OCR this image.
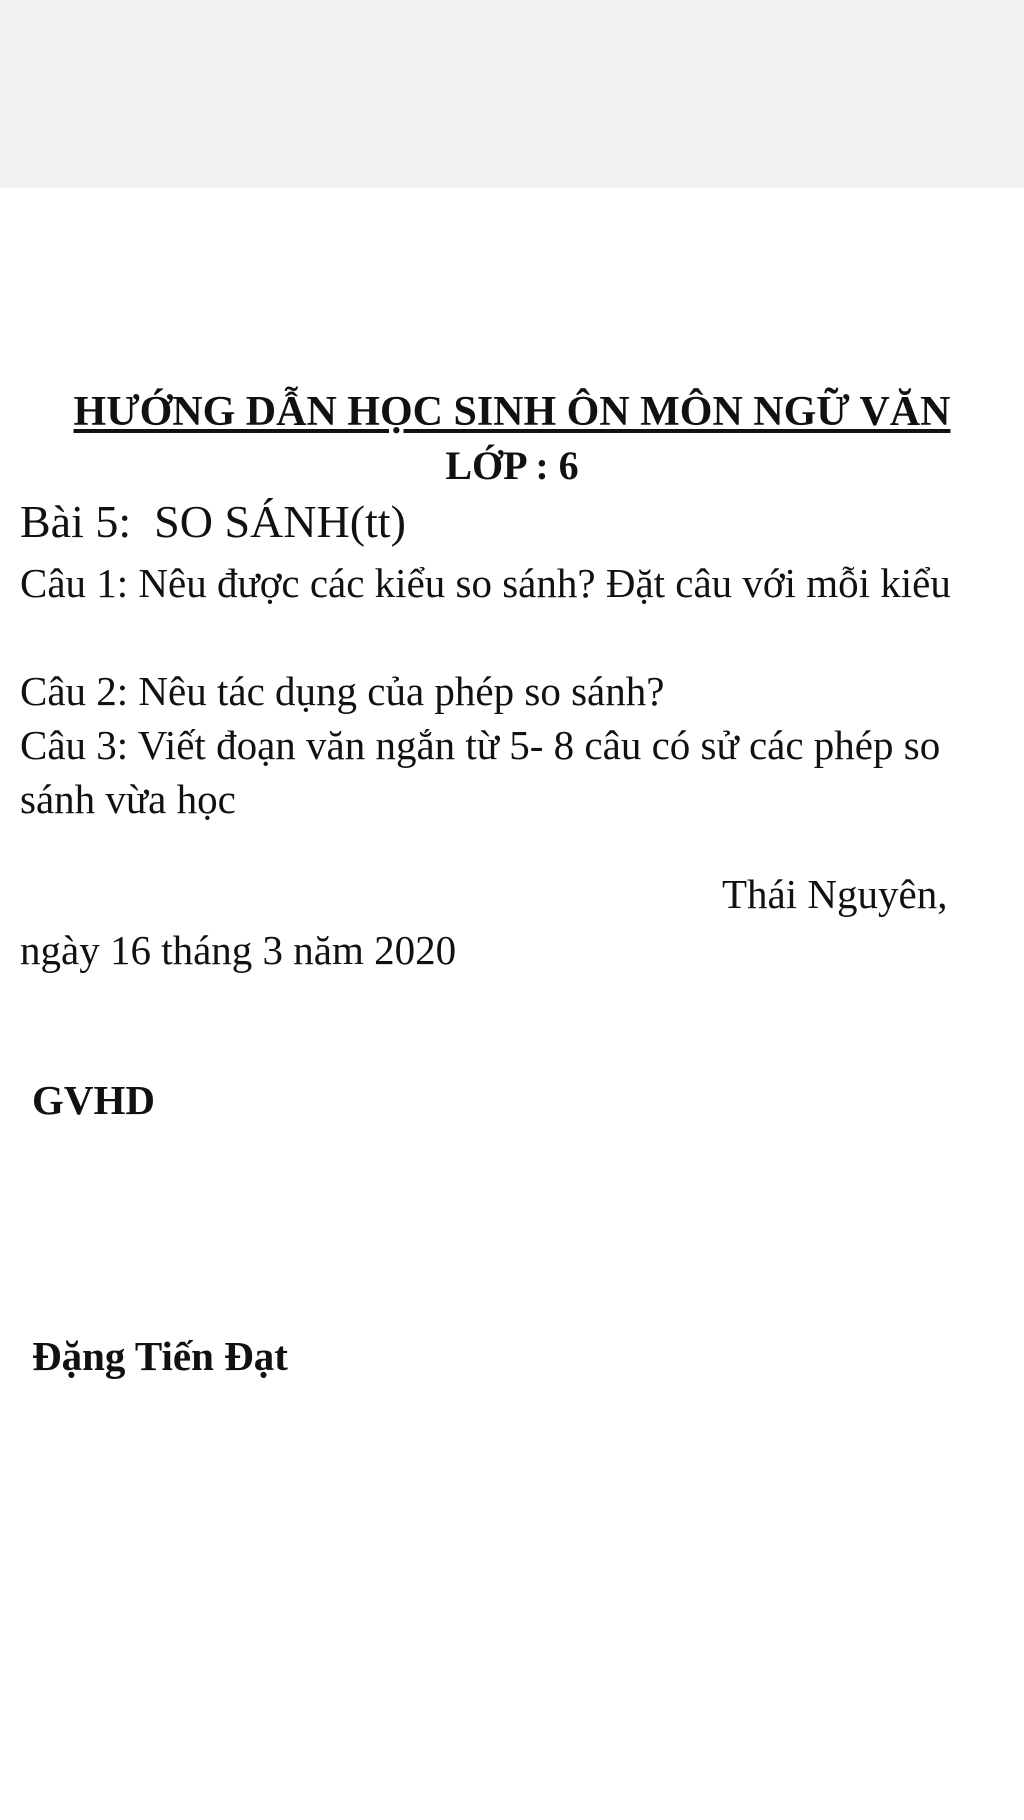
HƯỚNG DẪN HỌC SINH ÔN MÔN NGỮ VĂN
LỚP : 6
Bài 5:  SO SÁNH(tt)
Câu 1: Nêu được các kiểu so sánh? Đặt câu với mỗi kiểu
Câu 2: Nêu tác dụng của phép so sánh?
Câu 3: Viết đoạn văn ngắn từ 5- 8 câu có sử các phép so sánh vừa học
Thái Nguyên,
ngày 16 tháng 3 năm 2020
GVHD
Đặng Tiến Đạt
